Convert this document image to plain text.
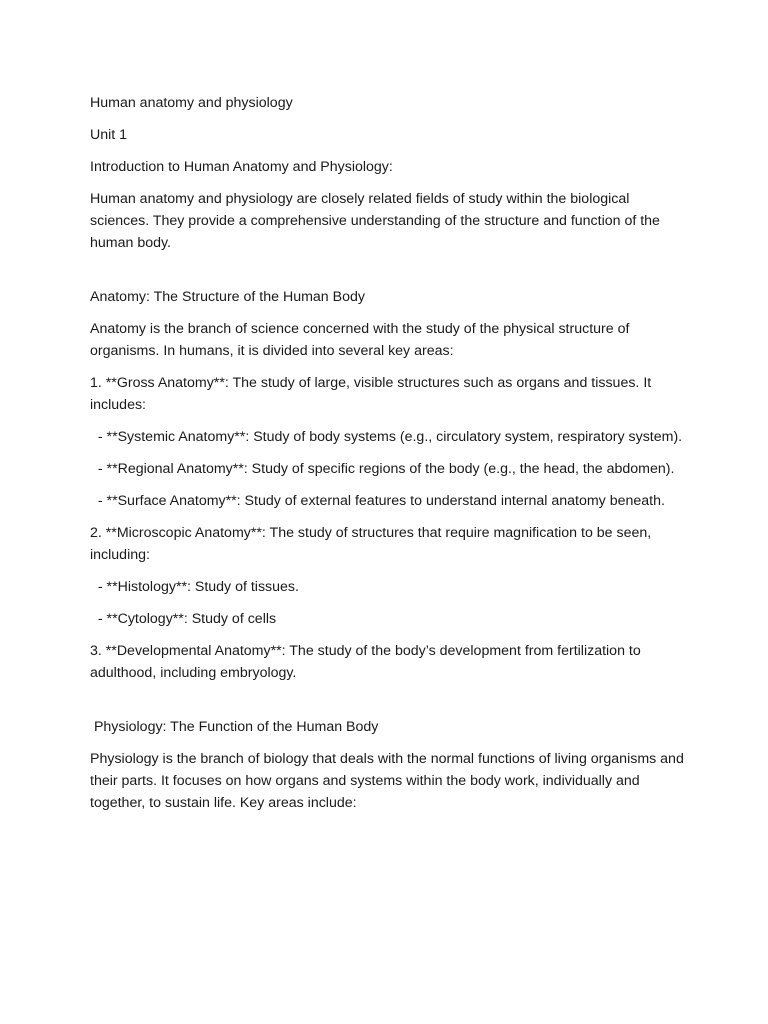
Human anatomy and physiology

Unit 1

Introduction to Human Anatomy and Physiology:

Human anatomy and physiology are closely related fields of study within the biological sciences. They provide a comprehensive understanding of the structure and function of the human body.

Anatomy: The Structure of the Human Body

Anatomy is the branch of science concerned with the study of the physical structure of organisms. In humans, it is divided into several key areas:

1. **Gross Anatomy**: The study of large, visible structures such as organs and tissues. It includes:

- **Systemic Anatomy**: Study of body systems (e.g., circulatory system, respiratory system).

- **Regional Anatomy**: Study of specific regions of the body (e.g., the head, the abdomen).

- **Surface Anatomy**: Study of external features to understand internal anatomy beneath.

2. **Microscopic Anatomy**: The study of structures that require magnification to be seen, including:

- **Histology**: Study of tissues.

- **Cytology**: Study of cells

3. **Developmental Anatomy**: The study of the body’s development from fertilization to adulthood, including embryology.

Physiology: The Function of the Human Body

Physiology is the branch of biology that deals with the normal functions of living organisms and their parts. It focuses on how organs and systems within the body work, individually and together, to sustain life. Key areas include:
